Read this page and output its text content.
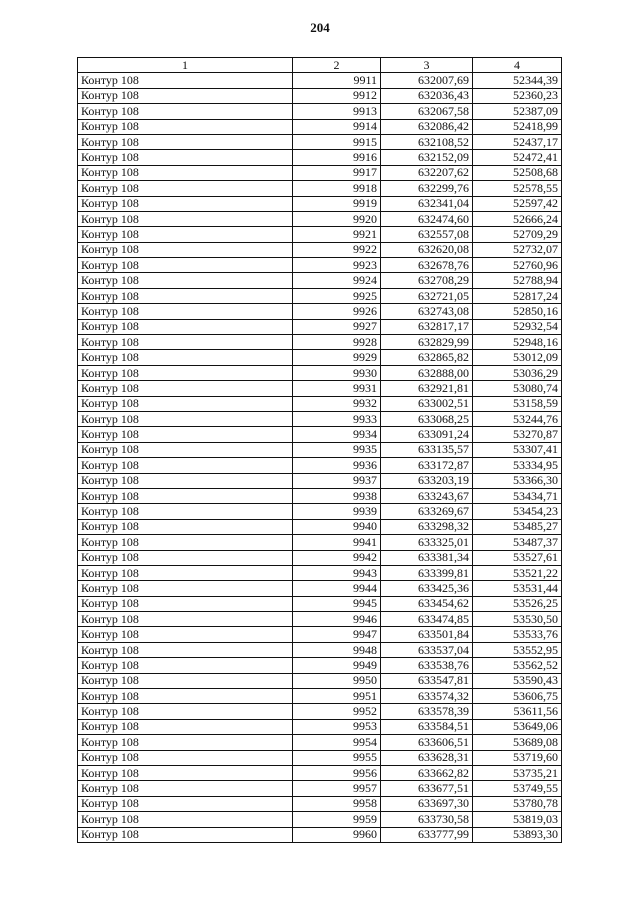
204
1	2	3	4
Контур 108	9911	632007,69	52344,39
Контур 108	9912	632036,43	52360,23
Контур 108	9913	632067,58	52387,09
Контур 108	9914	632086,42	52418,99
Контур 108	9915	632108,52	52437,17
Контур 108	9916	632152,09	52472,41
Контур 108	9917	632207,62	52508,68
Контур 108	9918	632299,76	52578,55
Контур 108	9919	632341,04	52597,42
Контур 108	9920	632474,60	52666,24
Контур 108	9921	632557,08	52709,29
Контур 108	9922	632620,08	52732,07
Контур 108	9923	632678,76	52760,96
Контур 108	9924	632708,29	52788,94
Контур 108	9925	632721,05	52817,24
Контур 108	9926	632743,08	52850,16
Контур 108	9927	632817,17	52932,54
Контур 108	9928	632829,99	52948,16
Контур 108	9929	632865,82	53012,09
Контур 108	9930	632888,00	53036,29
Контур 108	9931	632921,81	53080,74
Контур 108	9932	633002,51	53158,59
Контур 108	9933	633068,25	53244,76
Контур 108	9934	633091,24	53270,87
Контур 108	9935	633135,57	53307,41
Контур 108	9936	633172,87	53334,95
Контур 108	9937	633203,19	53366,30
Контур 108	9938	633243,67	53434,71
Контур 108	9939	633269,67	53454,23
Контур 108	9940	633298,32	53485,27
Контур 108	9941	633325,01	53487,37
Контур 108	9942	633381,34	53527,61
Контур 108	9943	633399,81	53521,22
Контур 108	9944	633425,36	53531,44
Контур 108	9945	633454,62	53526,25
Контур 108	9946	633474,85	53530,50
Контур 108	9947	633501,84	53533,76
Контур 108	9948	633537,04	53552,95
Контур 108	9949	633538,76	53562,52
Контур 108	9950	633547,81	53590,43
Контур 108	9951	633574,32	53606,75
Контур 108	9952	633578,39	53611,56
Контур 108	9953	633584,51	53649,06
Контур 108	9954	633606,51	53689,08
Контур 108	9955	633628,31	53719,60
Контур 108	9956	633662,82	53735,21
Контур 108	9957	633677,51	53749,55
Контур 108	9958	633697,30	53780,78
Контур 108	9959	633730,58	53819,03
Контур 108	9960	633777,99	53893,30
